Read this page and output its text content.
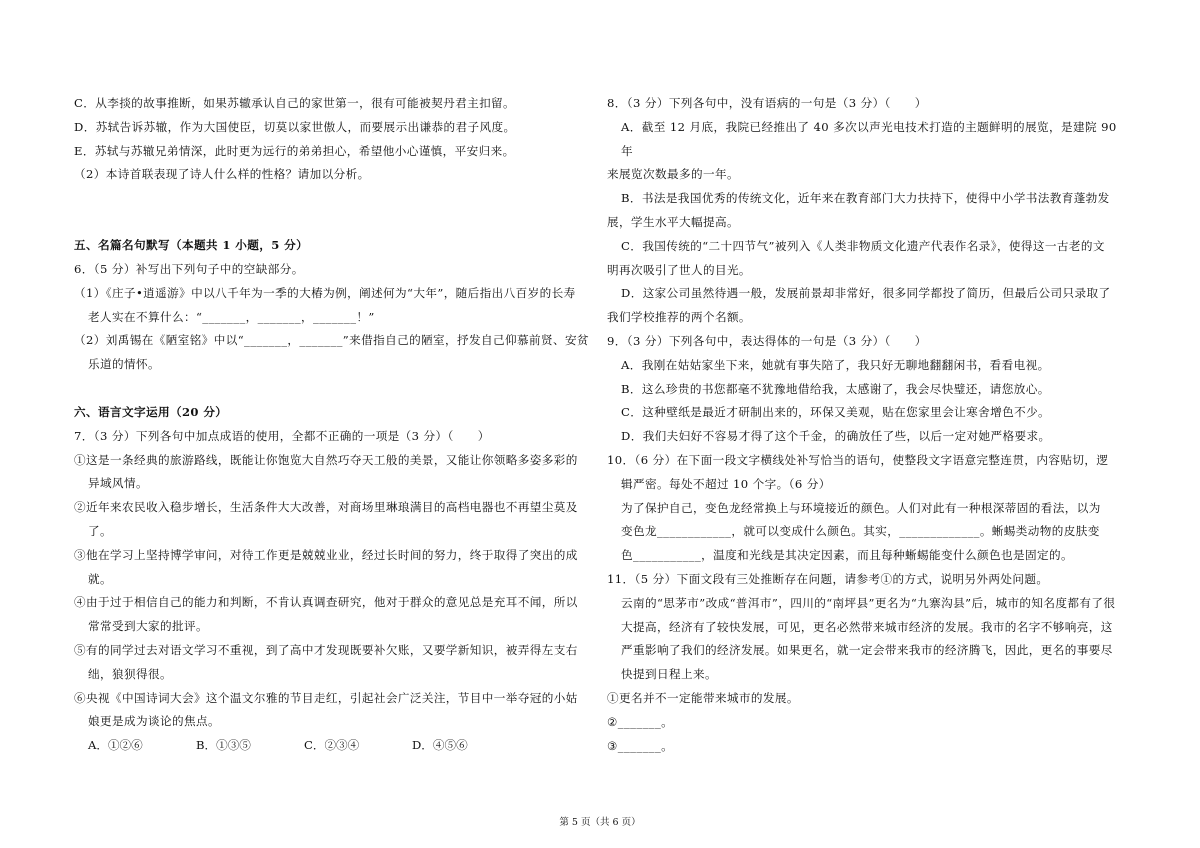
C．从李掞的故事推断，如果苏辙承认自己的家世第一，很有可能被契丹君主扣留。

D．苏轼告诉苏辙，作为大国使臣，切莫以家世傲人，而要展示出谦恭的君子风度。

E．苏轼与苏辙兄弟情深，此时更为远行的弟弟担心，希望他小心谨慎，平安归来。

（2）本诗首联表现了诗人什么样的性格？请加以分析。

五、名篇名句默写（本题共 1 小题，5 分）

6．（5 分）补写出下列句子中的空缺部分。

（1）《庄子•逍遥游》中以八千年为一季的大椿为例，阐述何为“大年”，随后指出八百岁的长寿

老人实在不算什么：“_______，_______，_______！”

（2）刘禹锡在《陋室铭》中以“_______，_______”来借指自己的陋室，抒发自己仰慕前贤、安贫

乐道的情怀。

六、语言文字运用（20 分）

7．（3 分）下列各句中加点成语的使用，全都不正确的一项是（3 分）（　　）

①这是一条经典的旅游路线，既能让你饱览大自然巧夺天工般的美景，又能让你领略多姿多彩的

异域风情。

②近年来农民收入稳步增长，生活条件大大改善，对商场里琳琅满目的高档电器也不再望尘莫及

了。

③他在学习上坚持博学审问，对待工作更是兢兢业业，经过长时间的努力，终于取得了突出的成

就。

④由于过于相信自己的能力和判断，不肯认真调查研究，他对于群众的意见总是充耳不闻，所以

常常受到大家的批评。

⑤有的同学过去对语文学习不重视，到了高中才发现既要补欠账，又要学新知识，被弄得左支右

绌，狼狈得很。

⑥央视《中国诗词大会》这个温文尔雅的节目走红，引起社会广泛关注，节目中一举夺冠的小姑

娘更是成为谈论的焦点。

A．①②⑥	B．①③⑤	C．②③④	D．④⑤⑥

8．（3 分）下列各句中，没有语病的一句是（3 分）（　　）

A．截至 12 月底，我院已经推出了 40 多次以声光电技术打造的主题鲜明的展览，是建院 90 年

来展览次数最多的一年。

B．书法是我国优秀的传统文化，近年来在教育部门大力扶持下，使得中小学书法教育蓬勃发

展，学生水平大幅提高。

C．我国传统的“二十四节气”被列入《人类非物质文化遗产代表作名录》，使得这一古老的文

明再次吸引了世人的目光。

D．这家公司虽然待遇一般，发展前景却非常好，很多同学都投了简历，但最后公司只录取了

我们学校推荐的两个名额。

9．（3 分）下列各句中，表达得体的一句是（3 分）（　　）

A．我刚在姑姑家坐下来，她就有事失陪了，我只好无聊地翻翻闲书，看看电视。

B．这么珍贵的书您都毫不犹豫地借给我，太感谢了，我会尽快璧还，请您放心。

C．这种壁纸是最近才研制出来的，环保又美观，贴在您家里会让寒舍增色不少。

D．我们夫妇好不容易才得了这个千金，的确放任了些，以后一定对她严格要求。

10．（6 分）在下面一段文字横线处补写恰当的语句，使整段文字语意完整连贯，内容贴切，逻

辑严密。每处不超过 10 个字。（6 分）

为了保护自己，变色龙经常换上与环境接近的颜色。人们对此有一种根深蒂固的看法，以为

变色龙____________，就可以变成什么颜色。其实，_____________。蜥蜴类动物的皮肤变

色___________，温度和光线是其决定因素，而且每种蜥蜴能变什么颜色也是固定的。

11．（5 分）下面文段有三处推断存在问题，请参考①的方式，说明另外两处问题。

云南的“思茅市”改成“普洱市”，四川的“南坪县”更名为“九寨沟县”后，城市的知名度都有了很

大提高，经济有了较快发展，可见，更名必然带来城市经济的发展。我市的名字不够响亮，这

严重影响了我们的经济发展。如果更名，就一定会带来我市的经济腾飞，因此，更名的事要尽

快提到日程上来。

①更名并不一定能带来城市的发展。

②_______。

③_______。

第 5 页（共 6 页）
